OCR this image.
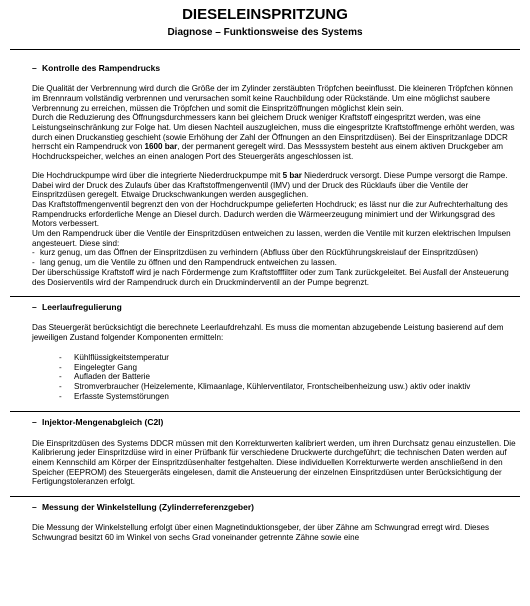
DIESELEINSPRITZUNG
Diagnose – Funktionsweise des Systems
– Kontrolle des Rampendrucks

Die Qualität der Verbrennung wird durch die Größe der im Zylinder zerstäubten Tröpfchen beeinflusst. Die kleineren Tröpfchen können im Brennraum vollständig verbrennen und verursachen somit keine Rauchbildung oder Rückstände. Um eine möglichst saubere Verbrennung zu erreichen, müssen die Tröpfchen und somit die Einspritzöffnungen möglichst klein sein.

Durch die Reduzierung des Öffnungsdurchmessers kann bei gleichem Druck weniger Kraftstoff eingespritzt werden, was eine Leistungseinschränkung zur Folge hat. Um diesen Nachteil auszugleichen, muss die eingespritzte Kraftstoffmenge erhöht werden, was durch einen Druckanstieg geschieht (sowie Erhöhung der Zahl der Öffnungen an den Einspritzdüsen). Bei der Einspritzanlage DDCR herrscht ein Rampendruck von 1600 bar, der permanent geregelt wird. Das Messsystem besteht aus einem aktiven Druckgeber am Hochdruckspeicher, welches an einen analogen Port des Steuergeräts angeschlossen ist.

Die Hochdruckpumpe wird über die integrierte Niederdruckpumpe mit 5 bar Niederdruck versorgt. Diese Pumpe versorgt die Rampe. Dabei wird der Druck des Zulaufs über das Kraftstoffmengenventil (IMV) und der Druck des Rücklaufs über die Ventile der Einspritzdüsen geregelt. Etwaige Druckschwankungen werden ausgeglichen.

Das Kraftstoffmengenventil begrenzt den von der Hochdruckpumpe gelieferten Hochdruck; es lässt nur die zur Aufrechterhaltung des Rampendrucks erforderliche Menge an Diesel durch. Dadurch werden die Wärmeerzeugung minimiert und der Wirkungsgrad des Motors verbessert.

Um den Rampendruck über die Ventile der Einspritzdüsen entweichen zu lassen, werden die Ventile mit kurzen elektrischen Impulsen angesteuert. Diese sind:

- kurz genug, um das Öffnen der Einspritzdüsen zu verhindern (Abfluss über den Rückführungskreislauf der Einspritzdüsen)
- lang genug, um die Ventile zu öffnen und den Rampendruck entweichen zu lassen.

Der überschüssige Kraftstoff wird je nach Fördermenge zum Kraftstofffilter oder zum Tank zurückgeleitet. Bei Ausfall der Ansteuerung des Dosierventils wird der Rampendruck durch ein Druckminderventil an der Pumpe begrenzt.

– Leerlaufregulierung

Das Steuergerät berücksichtigt die berechnete Leerlaufdrehzahl. Es muss die momentan abzugebende Leistung basierend auf dem jeweiligen Zustand folgender Komponenten ermitteln:

-	Kühlflüssigkeitstemperatur
-	Eingelegter Gang
-	Aufladen der Batterie
-	Stromverbraucher (Heizelemente, Klimaanlage, Kühlerventilator, Frontscheibenheizung usw.) aktiv oder inaktiv
-	Erfasste Systemstörungen
– Injektor-Mengenabgleich (C2I)

Die Einspritzdüsen des Systems DDCR müssen mit den Korrekturwerten kalibriert werden, um ihren Durchsatz genau einzustellen. Die Kalibrierung jeder Einspritzdüse wird in einer Prüfbank für verschiedene Druckwerte durchgeführt; die technischen Daten werden auf einem Kennschild am Körper der Einspritzdüsenhalter festgehalten. Diese individuellen Korrekturwerte werden anschließend in den Speicher (EEPROM) des Steuergeräts eingelesen, damit die Ansteuerung der einzelnen Einspritzdüsen unter Berücksichtigung der Fertigungstoleranzen erfolgt.

– Messung der Winkelstellung (Zylinderreferenzgeber)

Die Messung der Winkelstellung erfolgt über einen Magnetinduktionsgeber, der über Zähne am Schwungrad erregt wird. Dieses Schwungrad besitzt 60 im Winkel von sechs Grad voneinander getrennte Zähne sowie eine
